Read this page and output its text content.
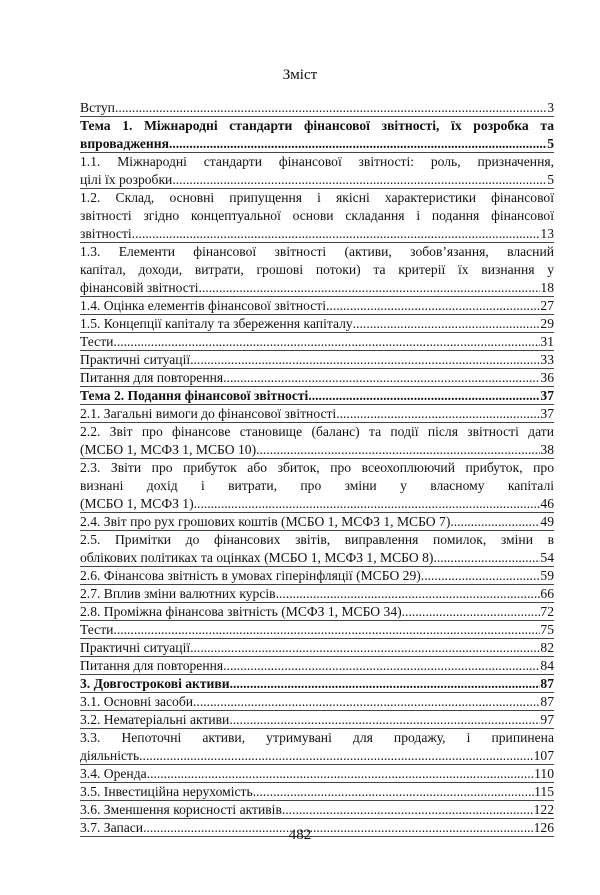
Зміст
Вступ .....	3
Тема 1. Міжнародні стандарти фінансової звітності, їх розробка та
впровадження .....	5
1.1. Міжнародні стандарти фінансової звітності: роль, призначення,
цілі їх розробки .....	5
1.2. Склад, основні припущення і якісні характеристики фінансової
звітності згідно концептуальної основи складання і подання фінансової
звітності .....	13
1.3. Елементи фінансової звітності (активи, зобов’язання, власний
капітал, доходи, витрати, грошові потоки) та критерії їх визнання у
фінансовій звітності .....	18
1.4. Оцінка елементів фінансової звітності .....	27
1.5. Концепції капіталу та збереження капіталу .....	29
Тести .....	31
Практичні ситуації .....	33
Питання для повторення .....	36
Тема 2. Подання фінансової звітності .....	37
2.1. Загальні вимоги до фінансової звітності .....	37
2.2. Звіт про фінансове становище (баланс) та події після звітності дати
(МСБО 1, МСФЗ 1, МСБО 10) .....	38
2.3. Звіти про прибуток або збиток, про всеохоплюючий прибуток, про
визнані дохід і витрати, про зміни у власному капіталі
(МСБО 1, МСФЗ 1) .....	46
2.4. Звіт про рух грошових коштів (МСБО 1, МСФЗ 1, МСБО 7) .....	49
2.5. Примітки до фінансових звітів, виправлення помилок, зміни в
облікових політиках та оцінках (МСБО 1, МСФЗ 1, МСБО 8) .....	54
2.6. Фінансова звітність в умовах гіперінфляції (МСБО 29) .....	59
2.7. Вплив зміни валютних курсів .....	66
2.8. Проміжна фінансова звітність (МСФЗ 1, МСБО 34) .....	72
Тести .....	75
Практичні ситуації .....	82
Питання для повторення .....	84
3. Довгострокові активи .....	87
3.1. Основні засоби .....	87
3.2. Нематеріальні активи .....	97
3.3. Непоточні активи, утримувані для продажу, і припинена
діяльність .....	107
3.4. Оренда .....	110
3.5. Інвестиційна нерухомість .....	115
3.6. Зменшення корисності активів .....	122
3.7. Запаси .....	126
482
